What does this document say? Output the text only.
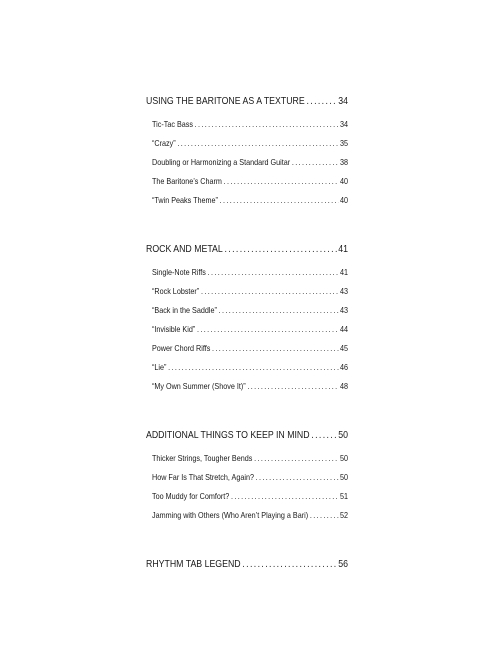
USING THE BARITONE AS A TEXTURE .....	34
Tic-Tac Bass .....	34
“Crazy” .....	35
Doubling or Harmonizing a Standard Guitar .....	38
The Baritone’s Charm .....	40
“Twin Peaks Theme” .....	40
ROCK AND METAL .....	41
Single-Note Riffs .....	41
“Rock Lobster” .....	43
“Back in the Saddle” .....	43
“Invisible Kid” .....	44
Power Chord Riffs .....	45
“Lie” .....	46
“My Own Summer (Shove It)” .....	48
ADDITIONAL THINGS TO KEEP IN MIND .....	50
Thicker Strings, Tougher Bends .....	50
How Far Is That Stretch, Again? .....	50
Too Muddy for Comfort? .....	51
Jamming with Others (Who Aren’t Playing a Bari) .....	52
RHYTHM TAB LEGEND .....	56
